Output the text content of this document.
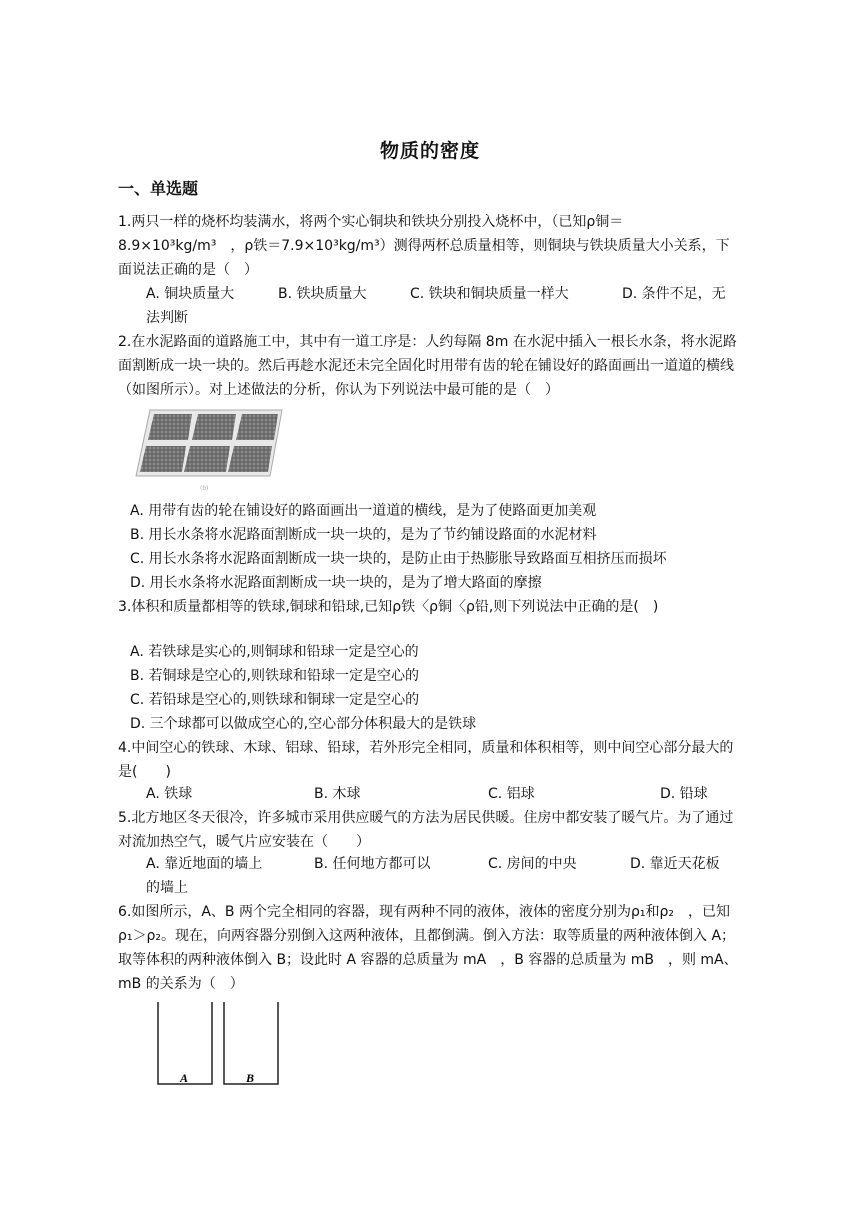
物质的密度
一、单选题
1.两只一样的烧杯均装满水，将两个实心铜块和铁块分别投入烧杯中，（已知ρ铜＝8.9×10³kg/m³　，ρ铁＝7.9×10³kg/m³）测得两杯总质量相等，则铜块与铁块质量大小关系，下面说法正确的是（　）
A. 铜块质量大	B. 铁块质量大	C. 铁块和铜块质量一样大	D. 条件不足，无
法判断
2.在水泥路面的道路施工中，其中有一道工序是：人约每隔 8m 在水泥中插入一根长水条，将水泥路面割断成一块一块的。然后再趁水泥还未完全固化时用带有齿的轮在铺设好的路面画出一道道的横线（如图所示）。对上述做法的分析，你认为下列说法中最可能的是（　）
(b)
A. 用带有齿的轮在铺设好的路面画出一道道的横线，是为了使路面更加美观
B. 用长水条将水泥路面割断成一块一块的，是为了节约铺设路面的水泥材料
C. 用长水条将水泥路面割断成一块一块的，是防止由于热膨胀导致路面互相挤压而损坏
D. 用长水条将水泥路面割断成一块一块的，是为了增大路面的摩擦
3.体积和质量都相等的铁球,铜球和铅球,已知ρ铁〈ρ铜〈ρ铅,则下列说法中正确的是(　)
A. 若铁球是实心的,则铜球和铅球一定是空心的
B. 若铜球是空心的,则铁球和铅球一定是空心的
C. 若铅球是空心的,则铁球和铜球一定是空心的
D. 三个球都可以做成空心的,空心部分体积最大的是铁球
4.中间空心的铁球、木球、铝球、铅球，若外形完全相同，质量和体积相等，则中间空心部分最大的是(　　)
A. 铁球	B. 木球	C. 铝球	D. 铅球
5.北方地区冬天很冷，许多城市采用供应暖气的方法为居民供暖。住房中都安装了暖气片。为了通过对流加热空气，暖气片应安装在（　　）
A. 靠近地面的墙上	B. 任何地方都可以	C. 房间的中央	D. 靠近天花板
的墙上
6.如图所示，A、B 两个完全相同的容器，现有两种不同的液体，液体的密度分别为ρ₁和ρ₂　，已知ρ₁＞ρ₂。现在，向两容器分别倒入这两种液体，且都倒满。倒入方法：取等质量的两种液体倒入 A；取等体积的两种液体倒入 B；设此时 A 容器的总质量为 mA　，B 容器的总质量为 mB　，则 mA、mB 的关系为（　）
A	B
